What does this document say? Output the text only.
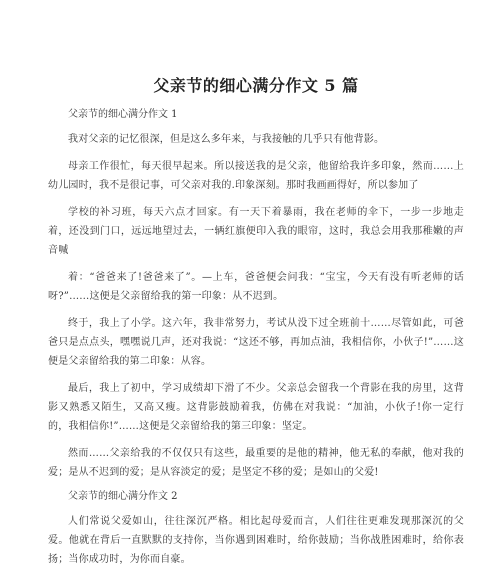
父亲节的细心满分作文 5 篇
父亲节的细心满分作文 1

我对父亲的记忆很深，但是这么多年来，与我接触的几乎只有他背影。

母亲工作很忙，每天很早起来。所以接送我的是父亲，他留给我许多印象，然而……上幼儿园时，我不是很记事，可父亲对我的.印象深刻。那时我画画得好，所以参加了

学校的补习班，每天六点才回家。有一天下着暴雨，我在老师的伞下，一步一步地走着，还没到门口，远远地望过去，一辆红旗便印入我的眼帘，这时，我总会用我那稚嫩的声音喊

着：“爸爸来了!爸爸来了”。—上车，爸爸便会问我：“宝宝，今天有没有听老师的话呀?”……这便是父亲留给我的第一印象：从不迟到。

终于，我上了小学。这六年，我非常努力，考试从没下过全班前十……尽管如此，可爸爸只是点点头，嘿嘿说几声，还对我说：“这还不够，再加点油，我相信你，小伙子!”……这便是父亲留给我的第二印象：从容。

最后，我上了初中，学习成绩却下滑了不少。父亲总会留我一个背影在我的房里，这背影又熟悉又陌生，又高又瘦。这背影鼓励着我，仿佛在对我说：“加油，小伙子!你一定行的，我相信你!”……这便是父亲留给我的第三印象：坚定。

然而……父亲给我的不仅仅只有这些，最重要的是他的精神，他无私的奉献，他对我的爱；是从不迟到的爱；是从容淡定的爱；是坚定不移的爱；是如山的父爱!

父亲节的细心满分作文 2

人们常说父爱如山，往往深沉严格。相比起母爱而言，人们往往更难发现那深沉的父爱。他就在背后一直默默的支持你，当你遇到困难时，给你鼓励；当你战胜困难时，给你表扬；当你成功时，为你而自豪。
